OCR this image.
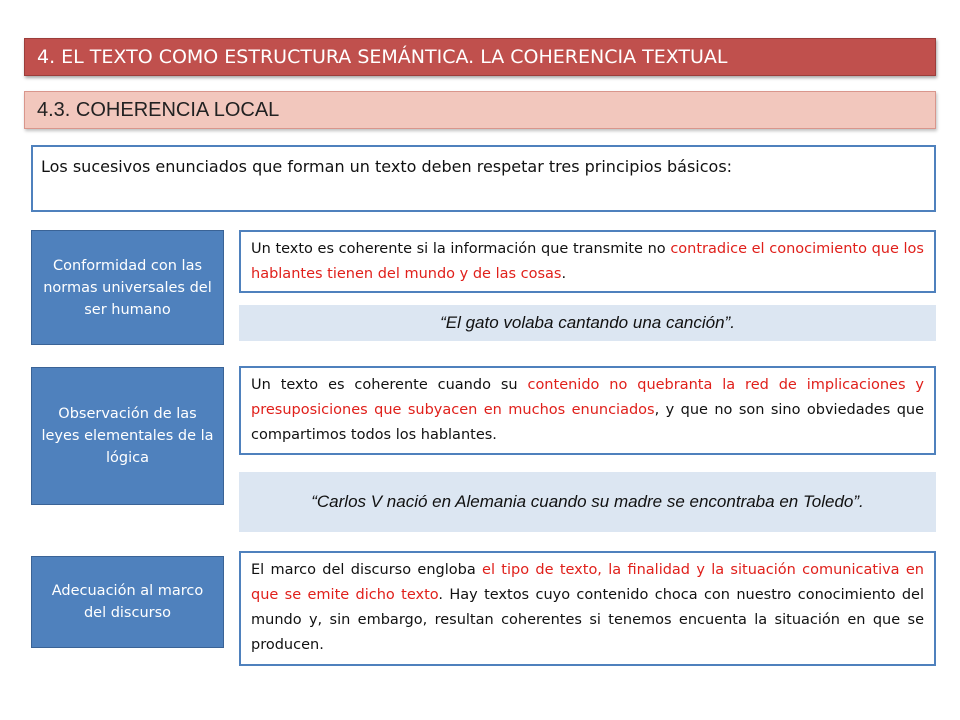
4. EL TEXTO COMO ESTRUCTURA SEMÁNTICA. LA COHERENCIA TEXTUAL
4.3. COHERENCIA LOCAL
Los sucesivos enunciados que forman un texto deben respetar tres principios básicos:
Conformidad con las normas universales del ser humano
Un texto es coherente si la información que transmite no contradice el conocimiento que los hablantes tienen del mundo y de las cosas.
“El gato volaba cantando una canción”.
Observación de las leyes elementales de la lógica
Un texto es coherente cuando su contenido no quebranta la red de implicaciones y presuposiciones que subyacen en muchos enunciados, y que no son sino obviedades que compartimos todos los hablantes.
“Carlos V nació en Alemania cuando su madre se encontraba en Toledo”.
Adecuación al marco del discurso
El marco del discurso engloba el tipo de texto, la finalidad y la situación comunicativa en que se emite dicho texto. Hay textos cuyo contenido choca con nuestro conocimiento del mundo y, sin embargo, resultan coherentes si tenemos encuenta la situación en que se producen.
